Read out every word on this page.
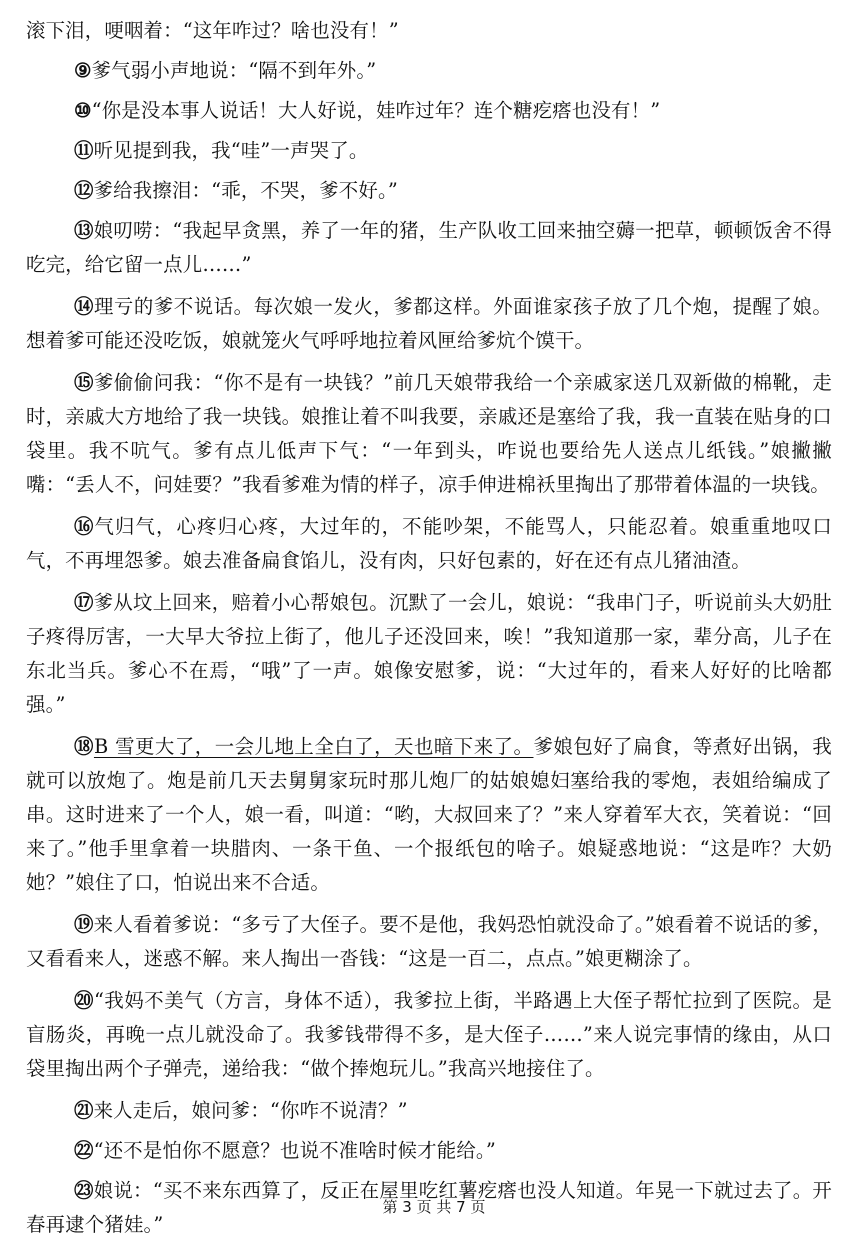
滚下泪，哽咽着：“这年咋过？啥也没有！”

⑨爹气弱小声地说：“隔不到年外。”

⑩“你是没本事人说话！大人好说，娃咋过年？连个糖疙瘩也没有！”

⑪听见提到我，我“哇”一声哭了。

⑫爹给我擦泪：“乖，不哭，爹不好。”

⑬娘叨唠：“我起早贪黑，养了一年的猪，生产队收工回来抽空薅一把草，顿顿饭舍不得吃完，给它留一点儿……”

⑭理亏的爹不说话。每次娘一发火，爹都这样。外面谁家孩子放了几个炮，提醒了娘。想着爹可能还没吃饭，娘就笼火气呼呼地拉着风匣给爹炕个馍干。

⑮爹偷偷问我：“你不是有一块钱？”前几天娘带我给一个亲戚家送几双新做的棉靴，走时，亲戚大方地给了我一块钱。娘推让着不叫我要，亲戚还是塞给了我，我一直装在贴身的口袋里。我不吭气。爹有点儿低声下气：“一年到头，咋说也要给先人送点儿纸钱。”娘撇撇嘴：“丢人不，问娃要？”我看爹难为情的样子，凉手伸进棉袄里掏出了那带着体温的一块钱。

⑯气归气，心疼归心疼，大过年的，不能吵架，不能骂人，只能忍着。娘重重地叹口气，不再埋怨爹。娘去准备扁食馅儿，没有肉，只好包素的，好在还有点儿猪油渣。

⑰爹从坟上回来，赔着小心帮娘包。沉默了一会儿，娘说：“我串门子，听说前头大奶肚子疼得厉害，一大早大爷拉上街了，他儿子还没回来，唉！”我知道那一家，辈分高，儿子在东北当兵。爹心不在焉，“哦”了一声。娘像安慰爹，说：“大过年的，看来人好好的比啥都强。”

⑱B 雪更大了，一会儿地上全白了，天也暗下来了。爹娘包好了扁食，等煮好出锅，我就可以放炮了。炮是前几天去舅舅家玩时那儿炮厂的姑娘媳妇塞给我的零炮，表姐给编成了串。这时进来了一个人，娘一看，叫道：“哟，大叔回来了？”来人穿着军大衣，笑着说：“回来了。”他手里拿着一块腊肉、一条干鱼、一个报纸包的啥子。娘疑惑地说：“这是咋？大奶她？”娘住了口，怕说出来不合适。

⑲来人看着爹说：“多亏了大侄子。要不是他，我妈恐怕就没命了。”娘看着不说话的爹，又看看来人，迷惑不解。来人掏出一沓钱：“这是一百二，点点。”娘更糊涂了。

⑳“我妈不美气（方言，身体不适），我爹拉上街，半路遇上大侄子帮忙拉到了医院。是盲肠炎，再晚一点儿就没命了。我爹钱带得不多，是大侄子……”来人说完事情的缘由，从口袋里掏出两个子弹壳，递给我：“做个捧炮玩儿。”我高兴地接住了。

㉑来人走后，娘问爹：“你咋不说清？”

㉒“还不是怕你不愿意？也说不准啥时候才能给。”

㉓娘说：“买不来东西算了，反正在屋里吃红薯疙瘩也没人知道。年晃一下就过去了。开春再逮个猪娃。”

第 3 页 共 7 页
